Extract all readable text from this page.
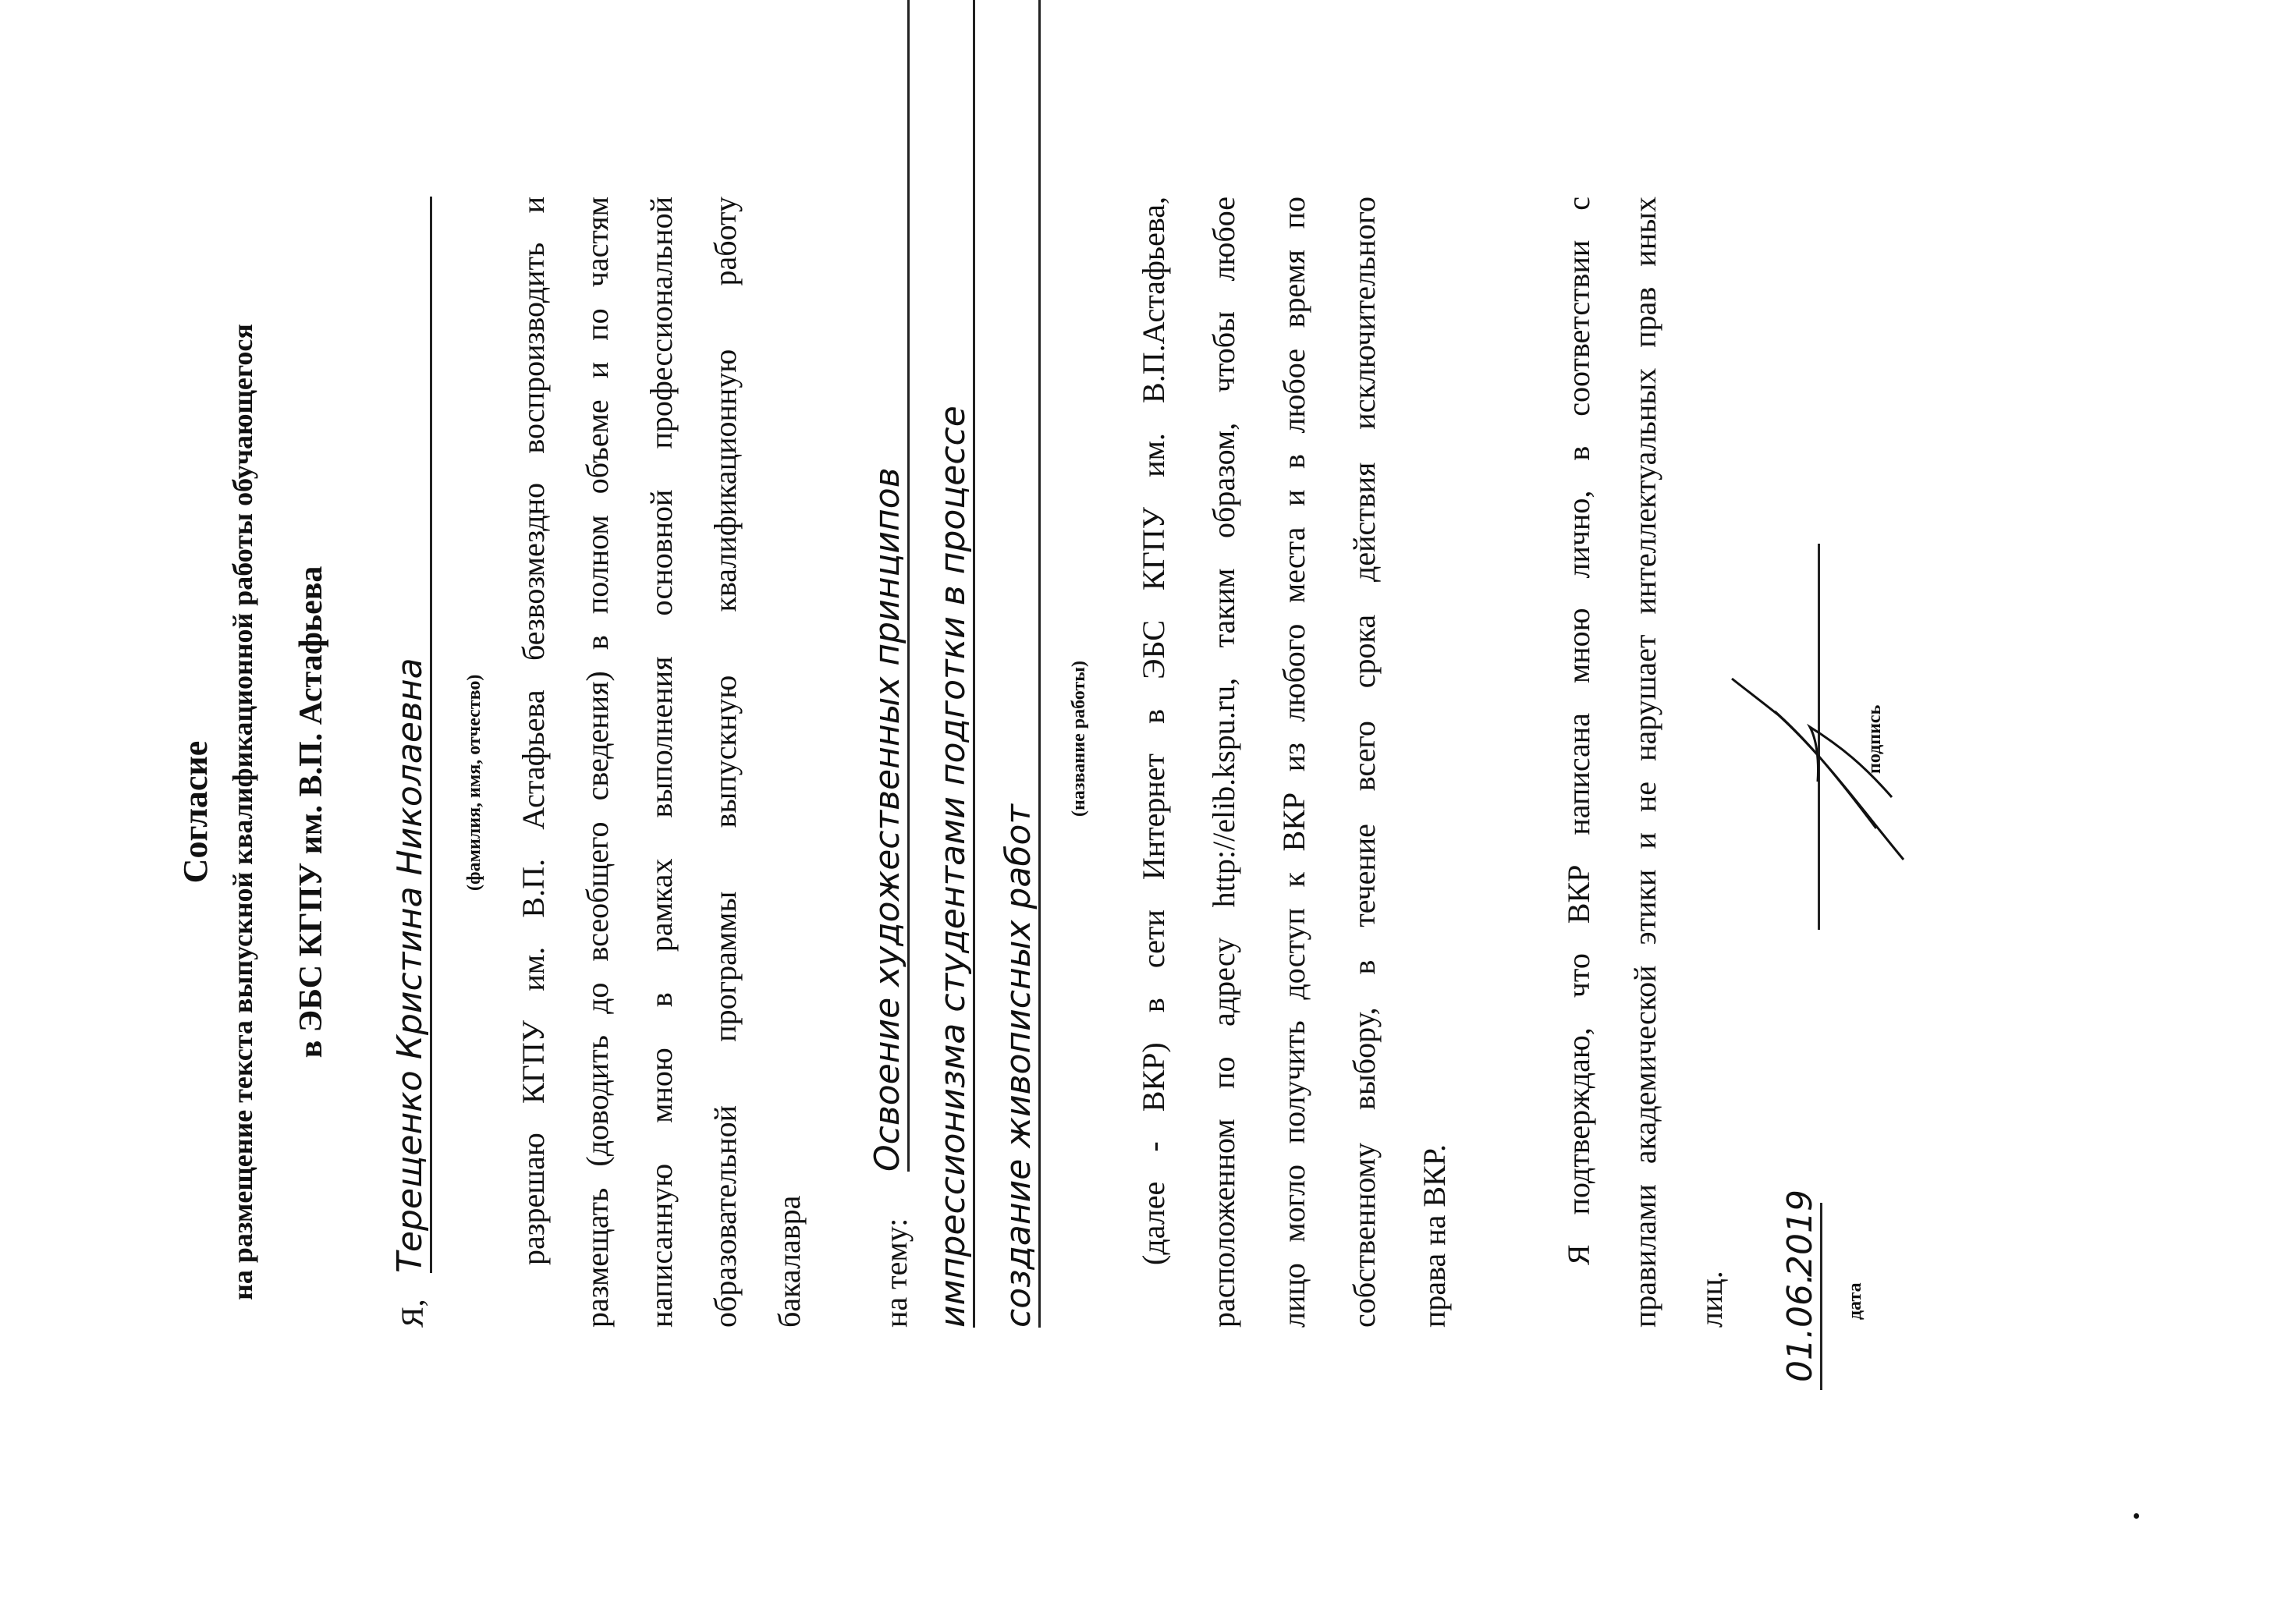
Согласие на размещение текста выпускной квалификационной работы обучающегося в ЭБС КГПУ им. В.П. Астафьева
Я,
Терещенко Кристина Николаевна (фамилия, имя, отчество) разрешаю КГПУ им. В.П. Астафьева безвозмездно воспроизводить и размещать (доводить до всеобщего сведения) в полном объеме и по частям написанную мною в рамках выполнения основной профессиональной образовательной программы выпускную квалификационную работу бакалавра на тему:
Освоение художественных принципов импрессионизма студентами подготки в процессе создание живописных работ
(название работы) (далее - ВКР) в сети Интернет в ЭБС КГПУ им. В.П.Астафьева, расположенном по адресу http://elib.kspu.ru, таким образом, чтобы любое лицо могло получить доступ к ВКР из любого места и в любое время по собственному выбору, в течение всего срока действия исключительного права на ВКР.	Я подтверждаю, что ВКР написана мною лично, в соответствии с правилами академической этики и не нарушает интеллектуальных прав иных лиц. 01.06.
2019
дата
подпись
